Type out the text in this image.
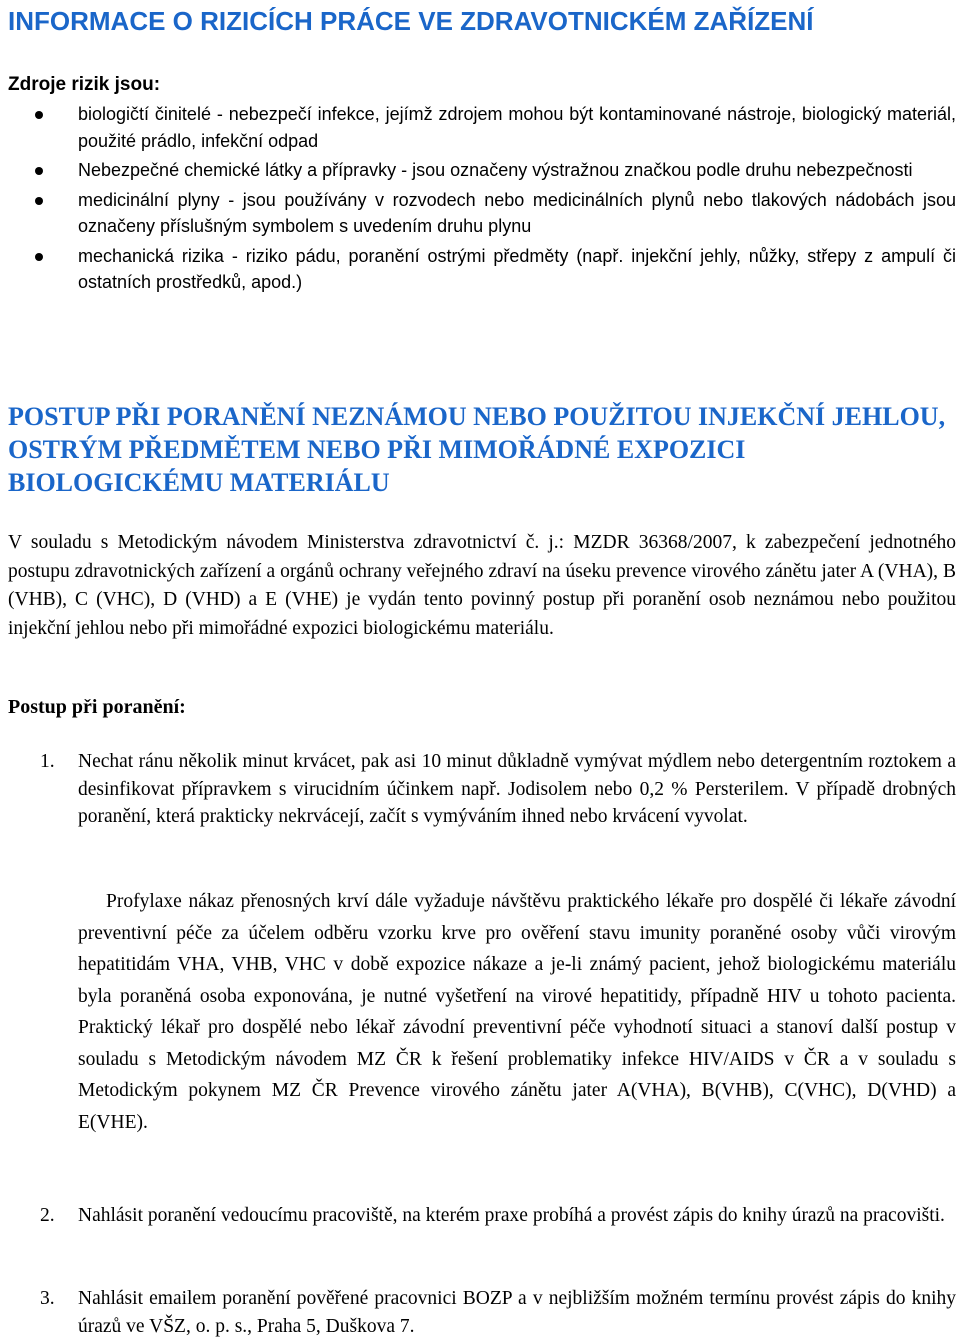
INFORMACE O RIZICÍCH PRÁCE VE ZDRAVOTNICKÉM ZAŘÍZENÍ
Zdroje rizik jsou:
biologičtí činitelé - nebezpečí infekce, jejímž zdrojem mohou být kontaminované nástroje, biologický materiál, použité prádlo, infekční odpad
Nebezpečné chemické látky a přípravky - jsou označeny výstražnou značkou podle druhu nebezpečnosti
medicinální plyny - jsou používány v rozvodech nebo medicinálních plynů nebo tlakových nádobách jsou označeny příslušným symbolem s uvedením druhu plynu
mechanická rizika - riziko pádu, poranění ostrými předměty (např. injekční jehly, nůžky, střepy z ampulí či ostatních prostředků, apod.)
POSTUP PŘI PORANĚNÍ NEZNÁMOU NEBO POUŽITOU INJEKČNÍ JEHLOU, OSTRÝM PŘEDMĚTEM NEBO PŘI MIMOŘÁDNÉ EXPOZICI BIOLOGICKÉMU MATERIÁLU

V souladu s Metodickým návodem Ministerstva zdravotnictví č. j.: MZDR 36368/2007, k zabezpečení jednotného postupu zdravotnických zařízení a orgánů ochrany veřejného zdraví na úseku prevence virového zánětu jater A (VHA), B (VHB), C (VHC), D (VHD) a E (VHE) je vydán tento povinný postup při poranění osob neznámou nebo použitou injekční jehlou nebo při mimořádné expozici biologickému materiálu.

Postup při poranění:
1. Nechat ránu několik minut krvácet, pak asi 10 minut důkladně vymývat mýdlem nebo detergentním roztokem a desinfikovat přípravkem s virucidním účinkem např. Jodisolem nebo 0,2 % Persterilem. V případě drobných poranění, která prakticky nekrvácejí, začít s vymýváním ihned nebo krvácení vyvolat.

Profylaxe nákaz přenosných krví dále vyžaduje návštěvu praktického lékaře pro dospělé či lékaře závodní preventivní péče za účelem odběru vzorku krve pro ověření stavu imunity poraněné osoby vůči virovým hepatitidám VHA, VHB, VHC v době expozice nákaze a je-li známý pacient, jehož biologickému materiálu byla poraněná osoba exponována, je nutné vyšetření na virové hepatitidy, případně HIV u tohoto pacienta. Praktický lékař pro dospělé nebo lékař závodní preventivní péče vyhodnotí situaci a stanoví další postup v souladu s Metodickým návodem MZ ČR k řešení problematiky infekce HIV/AIDS v ČR a v souladu s Metodickým pokynem MZ ČR Prevence virového zánětu jater A(VHA), B(VHB), C(VHC), D(VHD) a E(VHE).

2. Nahlásit poranění vedoucímu pracoviště, na kterém praxe probíhá a provést zápis do knihy úrazů na pracovišti.

3. Nahlásit emailem poranění pověřené pracovnici BOZP a v nejbližším možném termínu provést zápis do knihy úrazů ve VŠZ, o. p. s., Praha 5, Duškova 7.
